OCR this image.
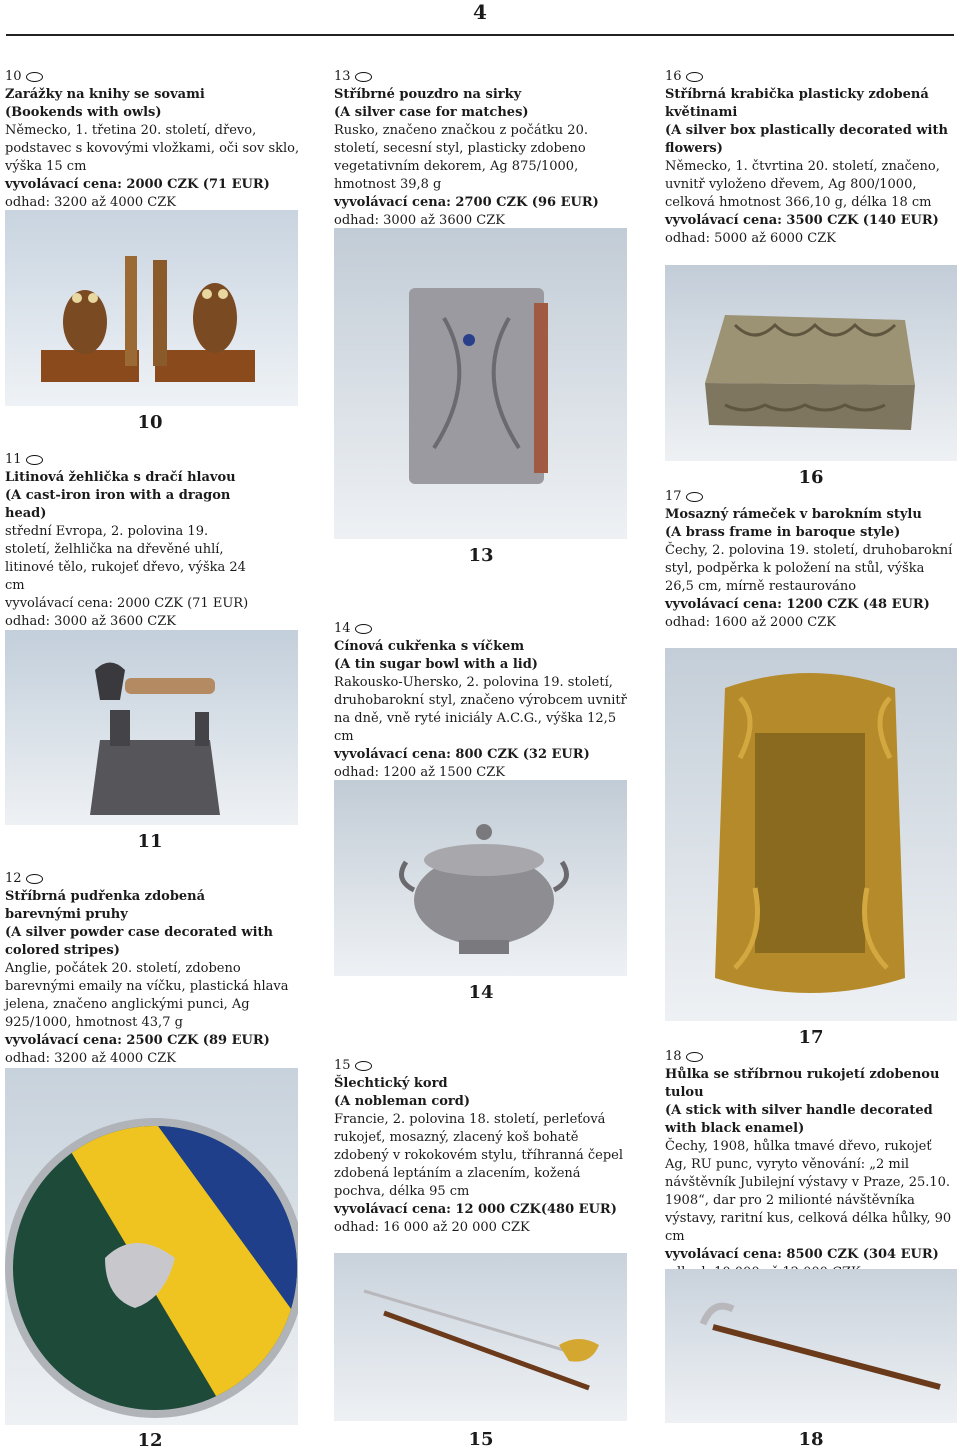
4
10
Zarážky na knihy se sovami
(Bookends with owls)
Německo, 1. třetina 20. století, dřevo, podstavec s kovovými vložkami, oči sov sklo, výška 15 cm
vyvolávací cena: 2000 CZK (71 EUR)
odhad: 3200 až 4000 CZK
10
11
Litinová žehlička s dračí hlavou
(A cast-iron iron with a dragon head)
střední Evropa, 2. polovina 19. století, želhlička na dřevěné uhlí, litinové tělo, rukojeť dřevo, výška 24 cm
vyvolávací cena: 2000 CZK (71 EUR)
odhad: 3000 až 3600 CZK
11
12
Stříbrná pudřenka zdobená barevnými pruhy
(A silver powder case decorated with colored stripes)
Anglie, počátek 20. století, zdobeno barevnými emaily na víčku, plastická hlava jelena, značeno anglickými punci, Ag 925/1000, hmotnost 43,7 g
vyvolávací cena: 2500 CZK (89 EUR)
odhad: 3200 až 4000 CZK
12
13
Stříbrné pouzdro na sirky
(A silver case for matches)
Rusko, značeno značkou z počátku 20. století, secesní styl, plasticky zdobeno vegetativním dekorem, Ag 875/1000, hmotnost 39,8 g
vyvolávací cena: 2700 CZK (96 EUR)
odhad: 3000 až 3600 CZK
13
14
Cínová cukřenka s víčkem
(A tin sugar bowl with a lid)
Rakousko-Uhersko, 2. polovina 19. století, druhobaroknί styl, značeno výrobcem uvnitř na dně, vně ryté iniciály A.C.G., výška 12,5 cm
vyvolávací cena: 800 CZK (32 EUR)
odhad: 1200 až 1500 CZK
14
15
Šlechtický kord
(A nobleman cord)
Francie, 2. polovina 18. století, perleťová rukojeť, mosazný, zlacený koš bohatě zdobený v rokokovém stylu, tříhranná čepel zdobená leptáním a zlacením, kožená pochva, délka 95 cm
vyvolávací cena: 12 000 CZK(480 EUR)
odhad: 16 000 až 20 000 CZK
15
16
Stříbrná krabička plasticky zdobená květinami
(A silver box plastically decorated with flowers)
Německo, 1. čtvrtina 20. století, značeno, uvnitř vyloženo dřevem, Ag 800/1000, celková hmotnost 366,10 g, délka 18 cm
vyvolávací cena: 3500 CZK (140 EUR)
odhad: 5000 až 6000 CZK
16
17
Mosazný rámeček v barokním stylu
(A brass frame in baroque style)
Čechy, 2. polovina 19. století, druhobarokní styl, podpěrka k položení na stůl, výška 26,5 cm, mírně restaurováno
vyvolávací cena: 1200 CZK (48 EUR)
odhad: 1600 až 2000 CZK
17
18
Hůlka se stříbrnou rukojetí zdobenou tulou
(A stick with silver handle decorated with black enamel)
Čechy, 1908, hůlka tmavé dřevo, rukojeť Ag, RU punc, vyryto věnování: „2 mil návštěvník Jubilejní výstavy v Praze, 25.10. 1908“, dar pro 2 milionté návštěvníka výstavy, raritní kus, celková délka hůlky, 90 cm
vyvolávací cena: 8500 CZK (304 EUR)
18
